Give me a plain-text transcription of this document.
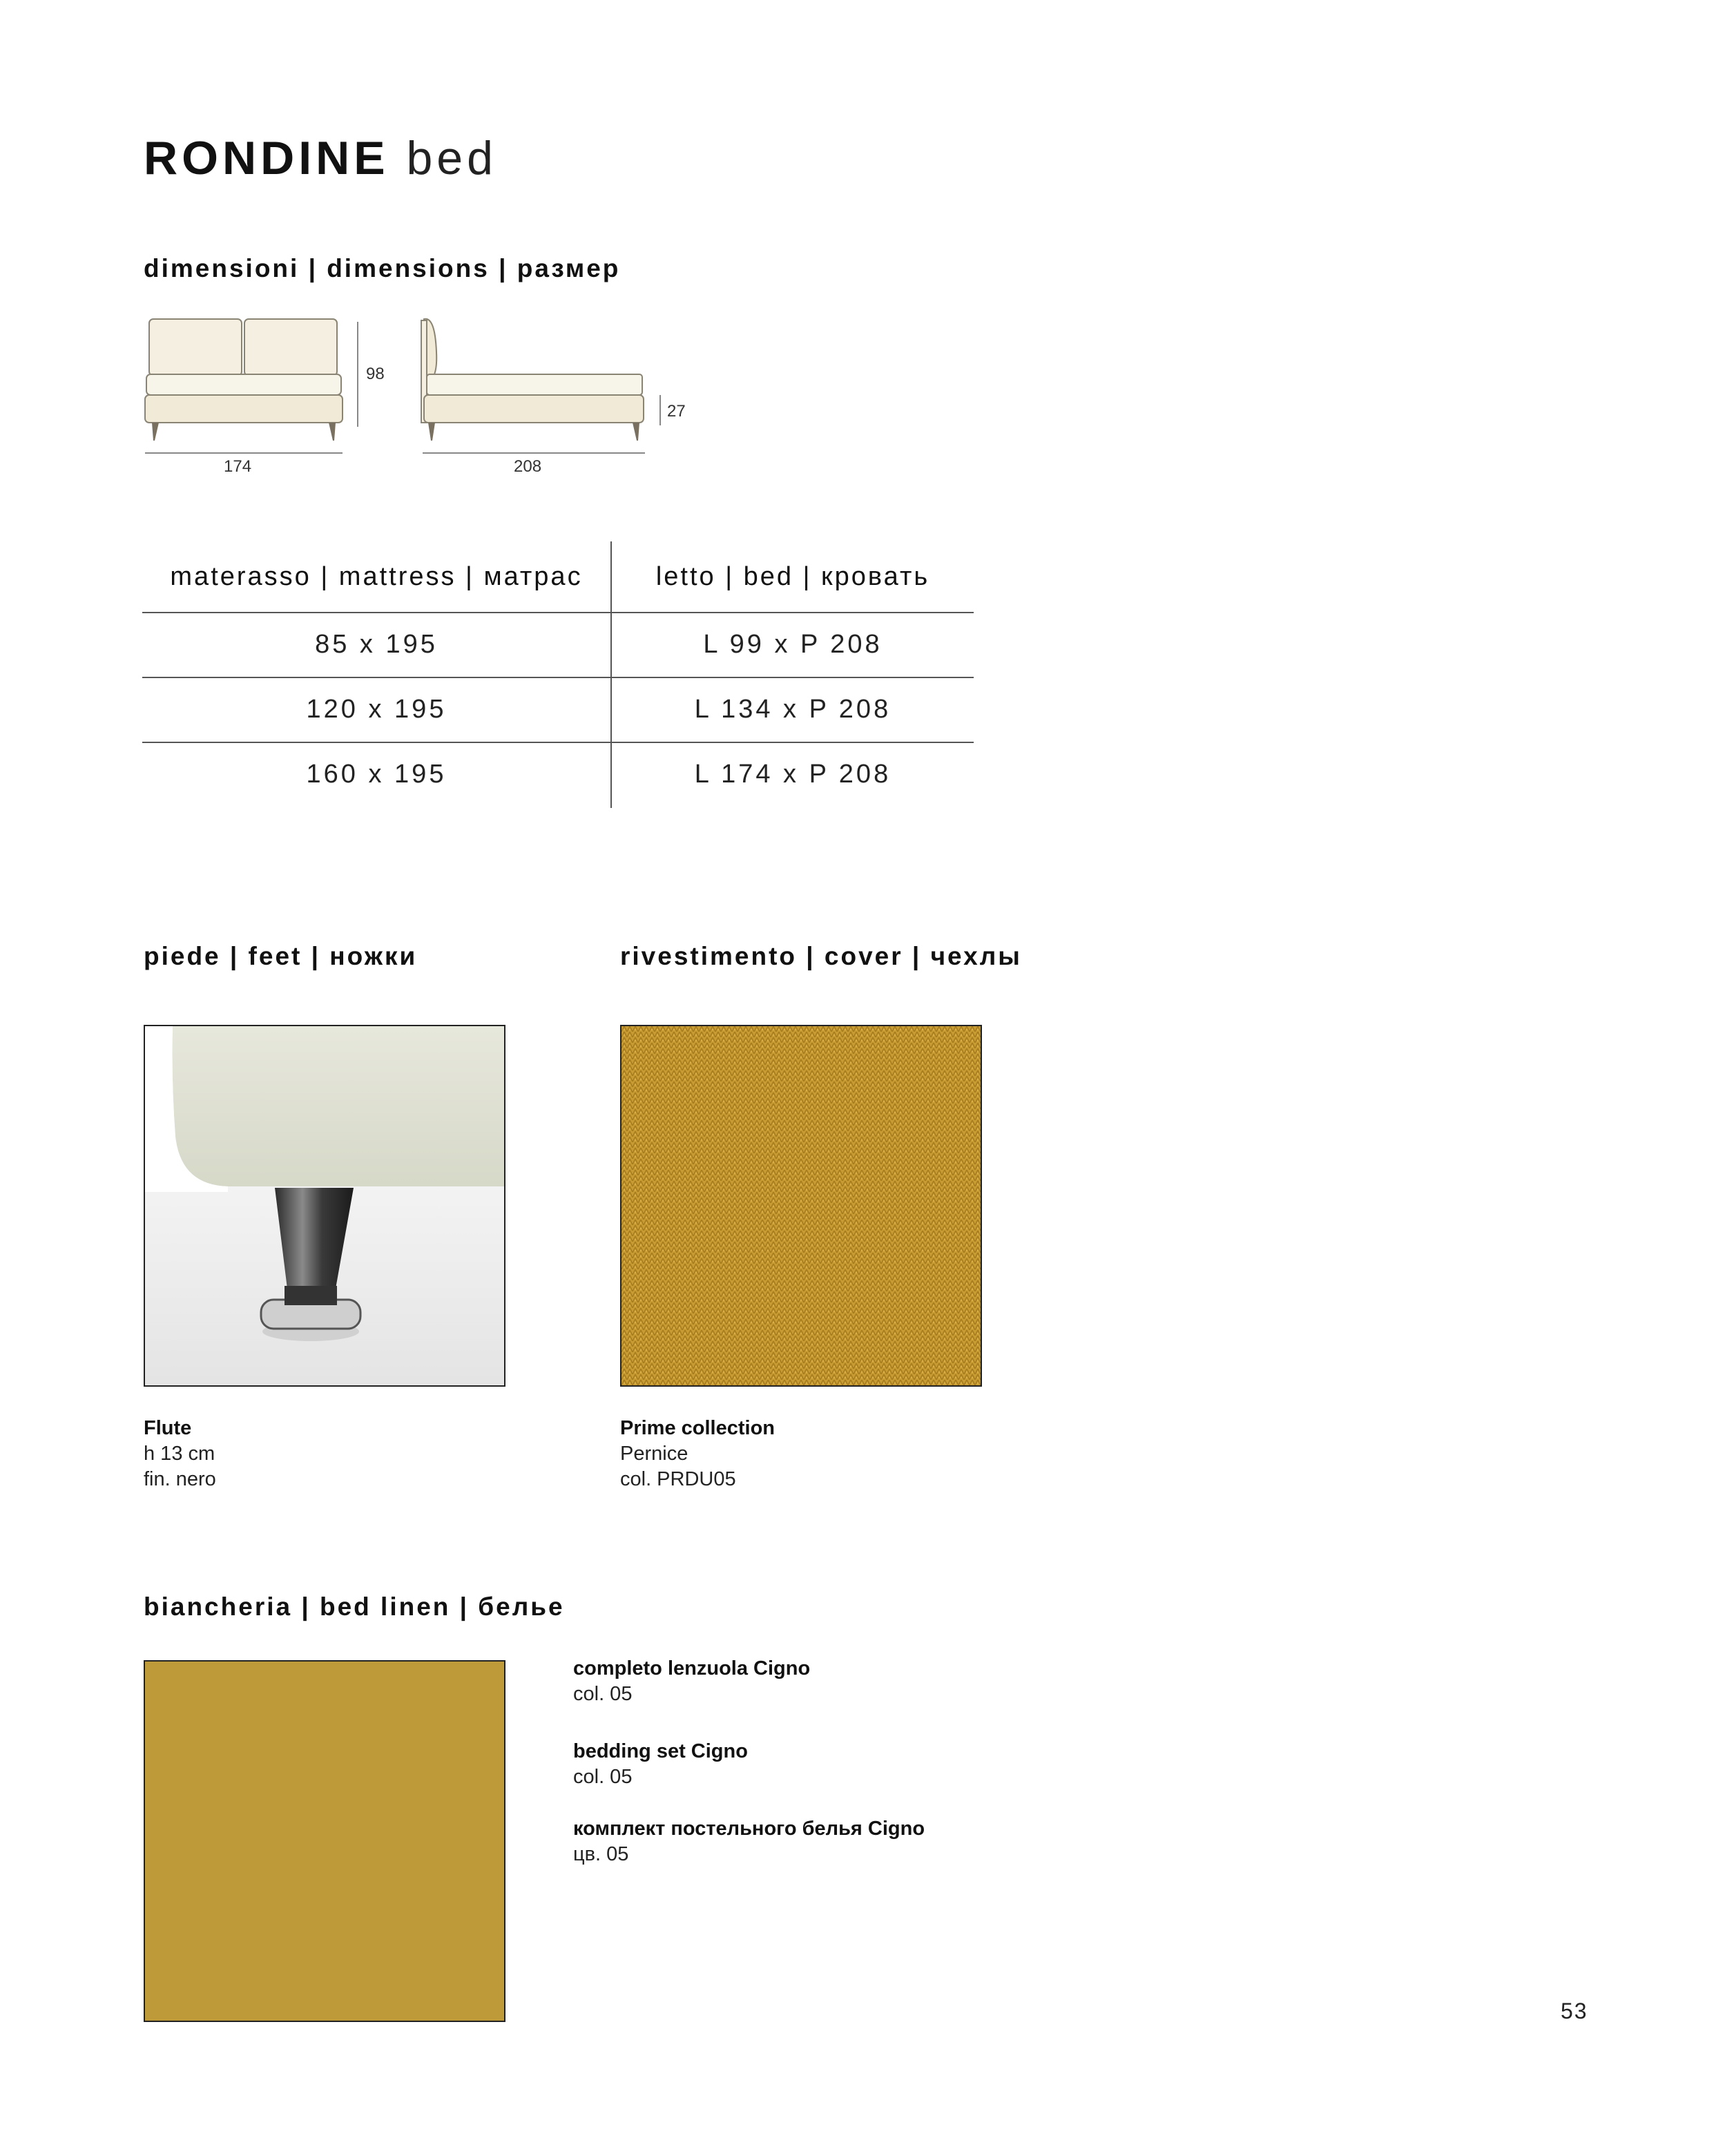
RONDINE bed
dimensioni | dimensions | размер
98
174
27
208
materasso | mattress | матрас	letto | bed | кровать
85 x 195	L 99 x P 208
120 x 195	L 134 x P 208
160 x 195	L 174 x P 208
piede | feet | ножки
Flute
h 13 cm
fin. nero
rivestimento | cover | чехлы
Prime collection
Pernice
col. PRDU05
biancheria | bed linen | белье
completo lenzuola Cigno
col. 05
bedding set Cigno
col. 05
комплект постельного белья Cigno
цв. 05
53
